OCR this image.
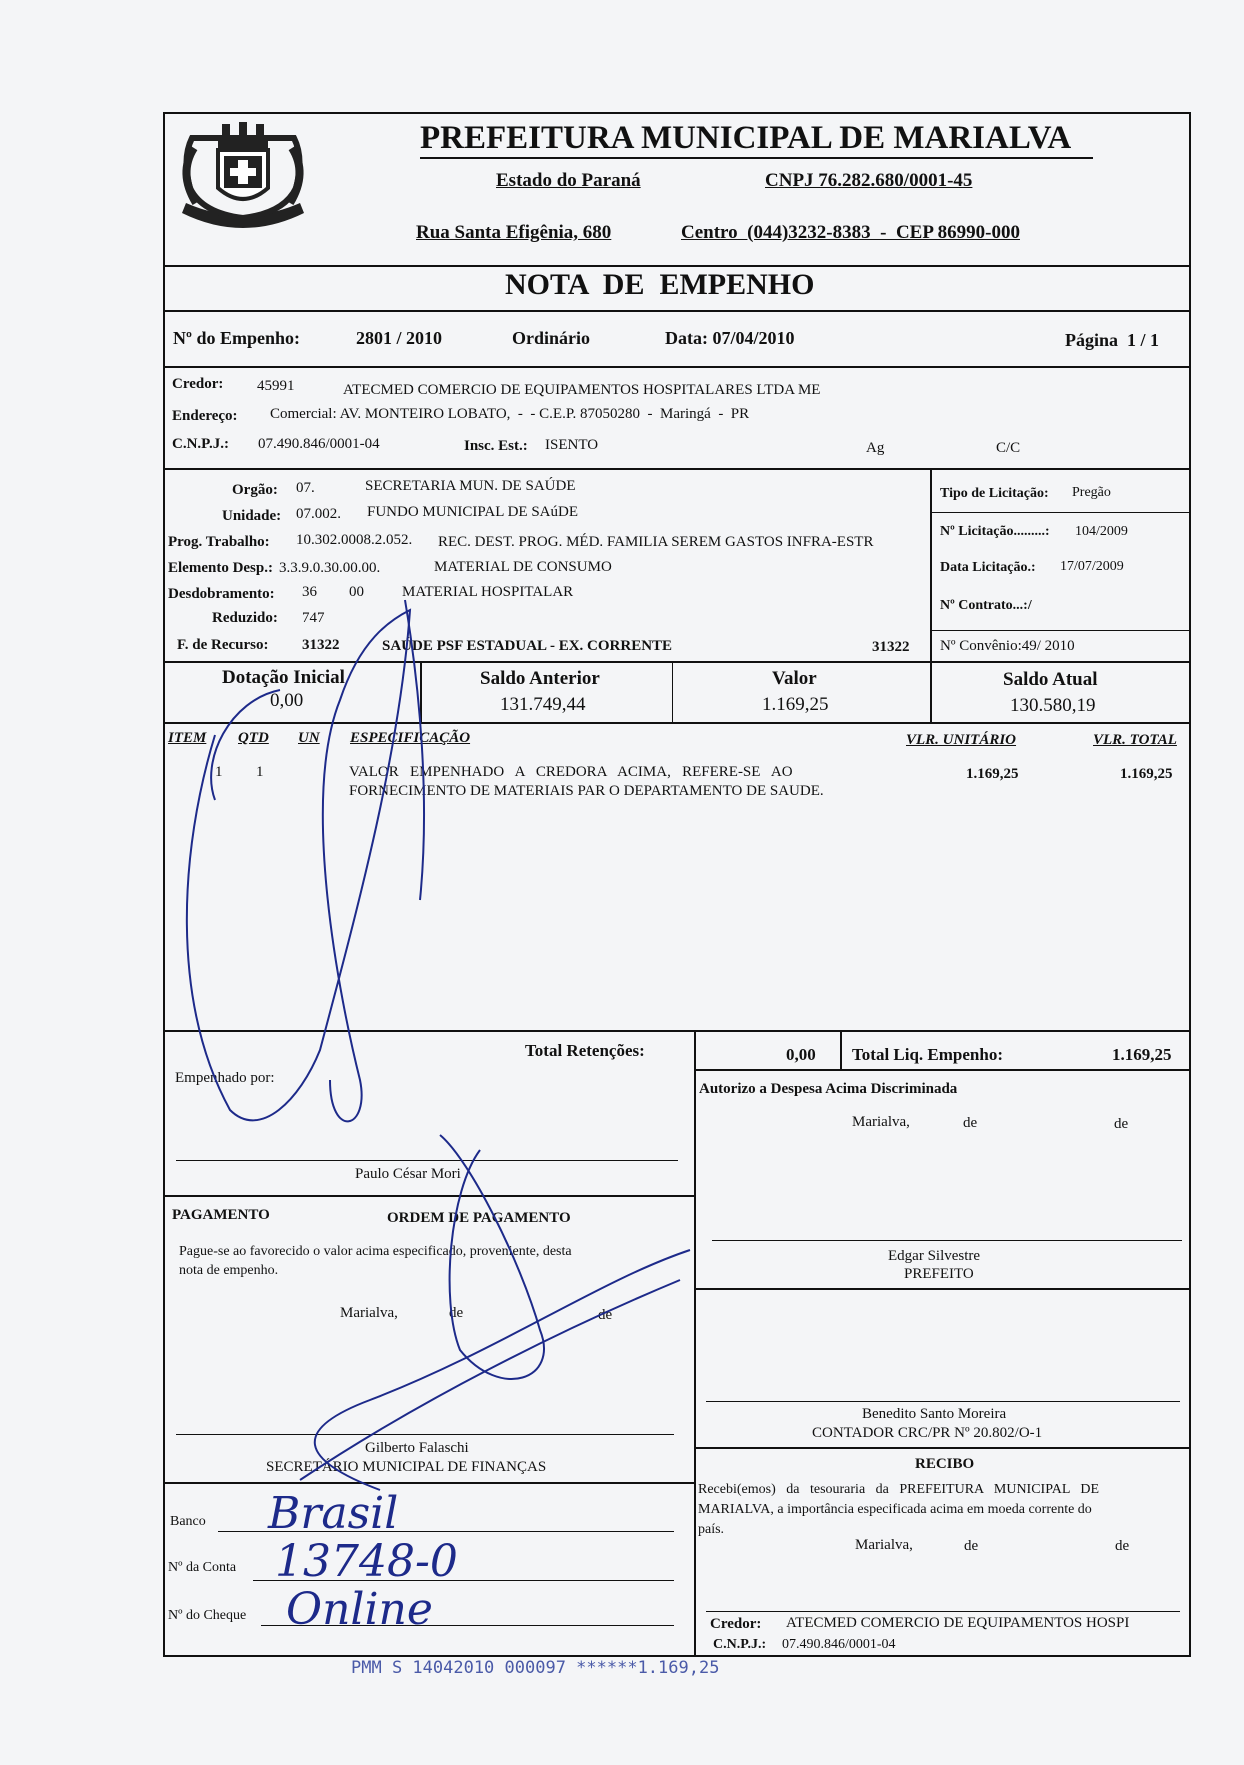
PREFEITURA MUNICIPAL DE MARIALVA
Estado do Paraná	CNPJ 76.282.680/0001-45
Rua Santa Efigênia, 680	Centro  (044)3232-8383  -  CEP 86990-000
NOTA  DE  EMPENHO
Nº do Empenho:	2801 / 2010	Ordinário	Data: 07/04/2010	Página  1 / 1
Credor: 45991	ATECMED COMERCIO DE EQUIPAMENTOS HOSPITALARES LTDA ME
Endereço: Comercial: AV. MONTEIRO LOBATO,  -  - C.E.P. 87050280  -  Maringá  -  PR
C.N.P.J.: 07.490.846/0001-04	Insc. Est.: ISENTO	Ag	C/C
Orgão: 07.	SECRETARIA MUN. DE SAÚDE
Unidade: 07.002. FUNDO MUNICIPAL DE SAúDE
Prog. Trabalho: 10.302.0008.2.052. REC. DEST. PROG. MÉD. FAMILIA SEREM GASTOS INFRA-ESTR
Elemento Desp.: 3.3.9.0.30.00.00.	MATERIAL DE CONSUMO
Desdobramento: 36 00	MATERIAL HOSPITALAR
Reduzido: 747
F. de Recurso: 31322	SAÚDE PSF ESTADUAL - EX. CORRENTE	31322
Tipo de Licitação: Pregão
Nº Licitação.........: 104/2009
Data Licitação.: 17/07/2009
Nº Contrato...:/
Nº Convênio:49/ 2010
Dotação Inicial
0,00
Saldo Anterior
131.749,44
Valor
1.169,25
Saldo Atual
130.580,19
ITEM QTD UN ESPECIFICAÇÃO	VLR. UNITÁRIO	VLR. TOTAL
1 1	VALOR   EMPENHADO   A   CREDORA   ACIMA,   REFERE-SE   AO
FORNECIMENTO DE MATERIAIS PAR O DEPARTAMENTO DE SAUDE.
1.169,25	1.169,25
Total Retenções:	0,00 Total Liq. Empenho:	1.169,25
Empenhado por:
Paulo César Mori
PAGAMENTO	ORDEM DE PAGAMENTO
Pague-se ao favorecido o valor acima especificado, proveniente, desta
nota de empenho.
Marialva,	de	de
Gilberto Falaschi
SECRETÁRIO MUNICIPAL DE FINANÇAS
Banco Brasil
Nº da Conta 13748-0
Nº do Cheque Online
Autorizo a Despesa Acima Discriminada
Marialva,	de	de
Edgar Silvestre
PREFEITO
Benedito Santo Moreira
CONTADOR CRC/PR Nº 20.802/O-1
RECIBO
Recebi(emos)   da   tesouraria   da   PREFEITURA   MUNICIPAL   DE
MARIALVA, a importância especificada acima em moeda corrente do
país.
Marialva,	de	de
Credor: ATECMED COMERCIO DE EQUIPAMENTOS HOSPI
C.N.P.J.: 07.490.846/0001-04
PMM S 14042010 000097 ******1.169,25
